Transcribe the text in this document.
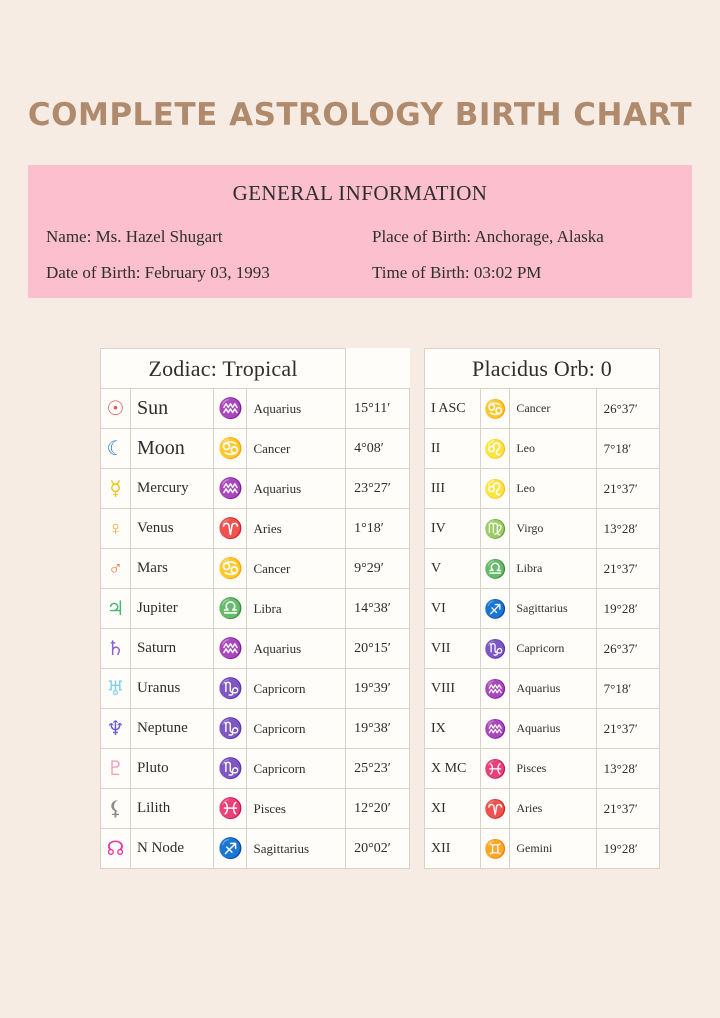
COMPLETE ASTROLOGY BIRTH CHART
GENERAL INFORMATION
Name: Ms. Hazel Shugart	Place of Birth: Anchorage, Alaska
Date of Birth: February 03, 1993	Time of Birth: 03:02 PM
Zodiac: Tropical				
☉	Sun	♒	Aquarius	15°11′
☾	Moon	♋	Cancer	4°08′
☿	Mercury	♒	Aquarius	23°27′
♀	Venus	♈	Aries	1°18′
♂	Mars	♋	Cancer	9°29′
♃	Jupiter	♎	Libra	14°38′
♄	Saturn	♒	Aquarius	20°15′
♅	Uranus	♑	Capricorn	19°39′
♆	Neptune	♑	Capricorn	19°38′
♇	Pluto	♑	Capricorn	25°23′
⚸	Lilith	♓	Pisces	12°20′
☊	N Node	♐	Sagittarius	20°02′
Placidus Orb: 0			
I ASC	♋	Cancer	26°37′
II	♌	Leo	7°18′
III	♌	Leo	21°37′
IV	♍	Virgo	13°28′
V	♎	Libra	21°37′
VI	♐	Sagittarius	19°28′
VII	♑	Capricorn	26°37′
VIII	♒	Aquarius	7°18′
IX	♒	Aquarius	21°37′
X MC	♓	Pisces	13°28′
XI	♈	Aries	21°37′
XII	♊	Gemini	19°28′
